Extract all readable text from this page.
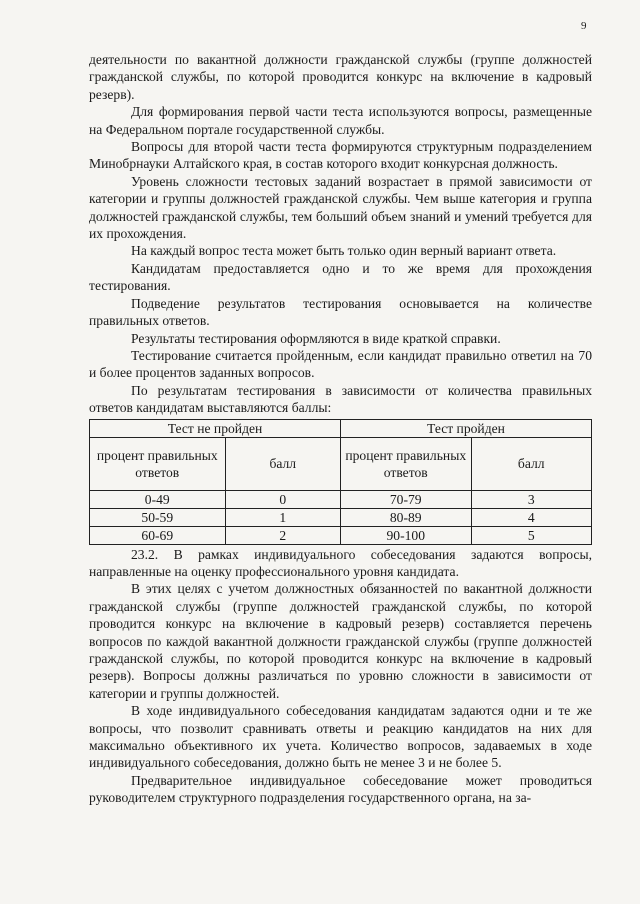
9

деятельности по вакантной должности гражданской службы (группе должностей гражданской службы, по которой проводится конкурс на включение в кадровый резерв).

Для формирования первой части теста используются вопросы, размещенные на Федеральном портале государственной службы.

Вопросы для второй части теста формируются структурным подразделением Минобрнауки Алтайского края, в состав которого входит конкурсная должность.

Уровень сложности тестовых заданий возрастает в прямой зависимости от категории и группы должностей гражданской службы. Чем выше категория и группа должностей гражданской службы, тем больший объем знаний и умений требуется для их прохождения.

На каждый вопрос теста может быть только один верный вариант ответа.

Кандидатам предоставляется одно и то же время для прохождения тестирования.

Подведение результатов тестирования основывается на количестве правильных ответов.

Результаты тестирования оформляются в виде краткой справки.

Тестирование считается пройденным, если кандидат правильно ответил на 70 и более процентов заданных вопросов.

По результатам тестирования в зависимости от количества правильных ответов кандидатам выставляются баллы:

Тест не пройден		Тест пройден	
процент правильных ответов	балл	процент правильных ответов	балл
0-49	0	70-79	3
50-59	1	80-89	4
60-69	2	90-100	5

23.2. В рамках индивидуального собеседования задаются вопросы, направленные на оценку профессионального уровня кандидата.

В этих целях с учетом должностных обязанностей по вакантной должности гражданской службы (группе должностей гражданской службы, по которой проводится конкурс на включение в кадровый резерв) составляется перечень вопросов по каждой вакантной должности гражданской службы (группе должностей гражданской службы, по которой проводится конкурс на включение в кадровый резерв). Вопросы должны различаться по уровню сложности в зависимости от категории и группы должностей.

В ходе индивидуального собеседования кандидатам задаются одни и те же вопросы, что позволит сравнивать ответы и реакцию кандидатов на них для максимально объективного их учета. Количество вопросов, задаваемых в ходе индивидуального собеседования, должно быть не менее 3 и не более 5.

Предварительное индивидуальное собеседование может проводиться руководителем структурного подразделения государственного органа, на за-
